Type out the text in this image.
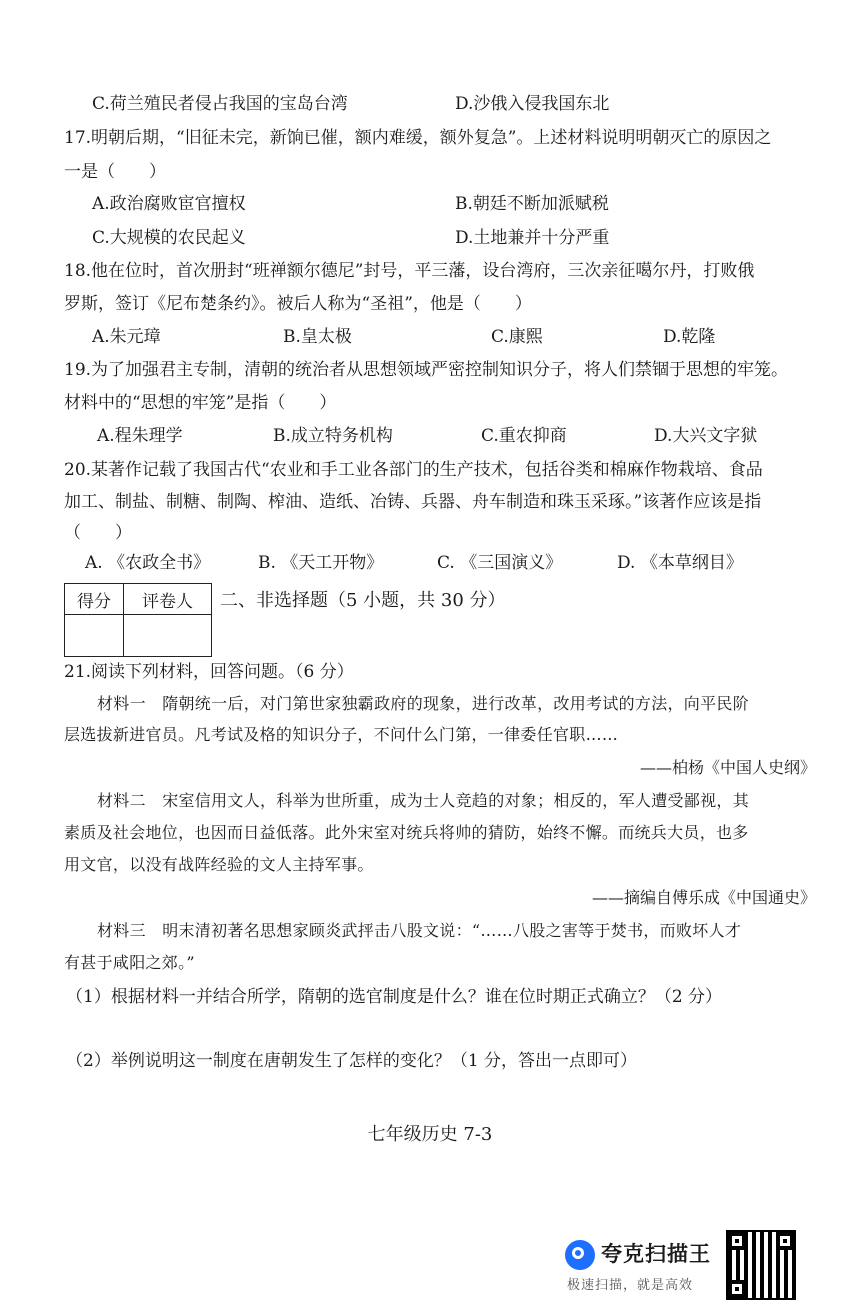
C.荷兰殖民者侵占我国的宝岛台湾	D.沙俄入侵我国东北
17.明朝后期，“旧征未完，新饷已催，额内难缓，额外复急”。上述材料说明明朝灭亡的原因之
一是（　　）
A.政治腐败宦官擅权	B.朝廷不断加派赋税
C.大规模的农民起义	D.土地兼并十分严重
18.他在位时，首次册封“班禅额尔德尼”封号，平三藩，设台湾府，三次亲征噶尔丹，打败俄
罗斯，签订《尼布楚条约》。被后人称为“圣祖”，他是（　　）
A.朱元璋	B.皇太极	C.康熙	D.乾隆
19.为了加强君主专制，清朝的统治者从思想领域严密控制知识分子，将人们禁锢于思想的牢笼。
材料中的“思想的牢笼”是指（　　）
A.程朱理学	B.成立特务机构	C.重农抑商	D.大兴文字狱
20.某著作记载了我国古代“农业和手工业各部门的生产技术，包括谷类和棉麻作物栽培、食品
加工、制盐、制糖、制陶、榨油、造纸、冶铸、兵器、舟车制造和珠玉采琢。”该著作应该是指
（　　）
A. 《农政全书》	B. 《天工开物》	C. 《三国演义》	D. 《本草纲目》
得分	评卷人
	二、非选择题（5 小题，共 30 分）
21.阅读下列材料，回答问题。（6 分）
材料一　隋朝统一后，对门第世家独霸政府的现象，进行改革，改用考试的方法，向平民阶
层选拔新进官员。凡考试及格的知识分子，不问什么门第，一律委任官职……
——柏杨《中国人史纲》
材料二　宋室信用文人，科举为世所重，成为士人竞趋的对象；相反的，军人遭受鄙视，其
素质及社会地位，也因而日益低落。此外宋室对统兵将帅的猜防，始终不懈。而统兵大员，也多
用文官，以没有战阵经验的文人主持军事。
——摘编自傅乐成《中国通史》
材料三　明末清初著名思想家顾炎武抨击八股文说：“……八股之害等于焚书，而败坏人才
有甚于咸阳之郊。”
（1）根据材料一并结合所学，隋朝的选官制度是什么？谁在位时期正式确立？（2 分）
（2）举例说明这一制度在唐朝发生了怎样的变化？（1 分，答出一点即可）
七年级历史 7-3
夸克扫描王
极速扫描，就是高效
